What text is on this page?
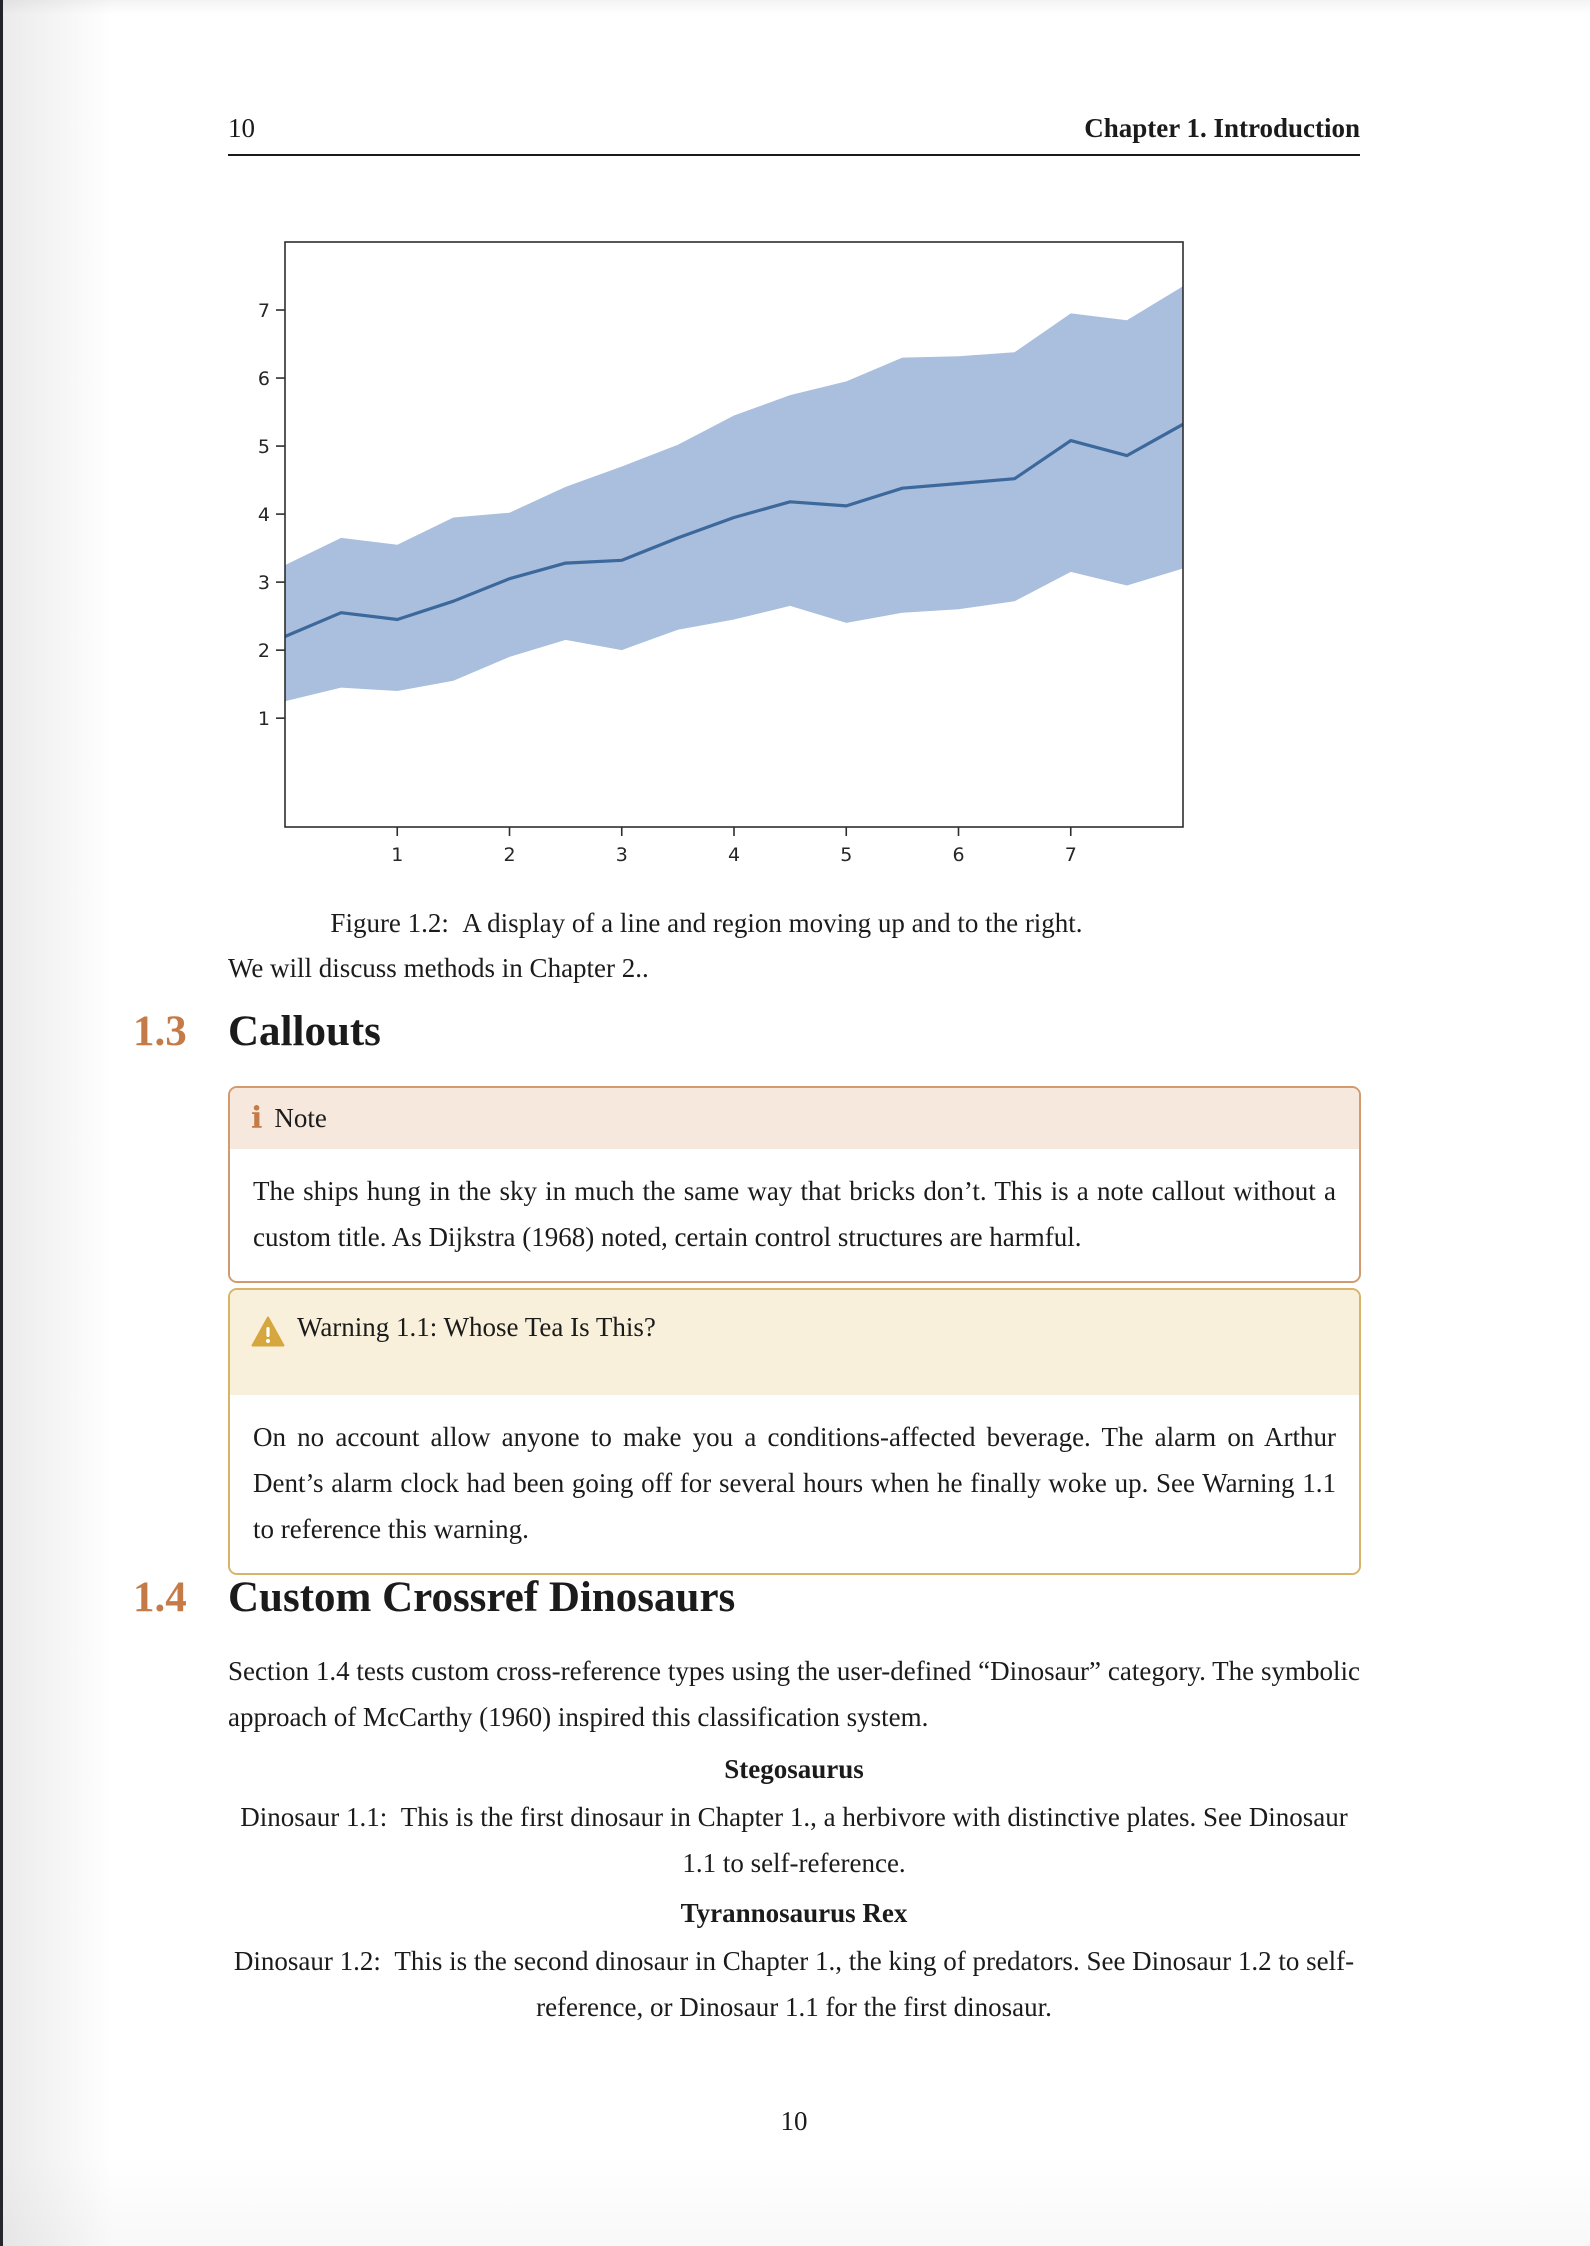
10	Chapter 1. Introduction
1	2	3	4	5	6	7
1
2
3
4
5
6
7
Figure 1.2: A display of a line and region moving up and to the right.
We will discuss methods in Chapter 2..
1.3 Callouts
i Note
The ships hung in the sky in much the same way that bricks don’t. This is a note callout without a custom title. As Dijkstra (1968) noted, certain control structures are harmful.
Warning 1.1: Whose Tea Is This?
On no account allow anyone to make you a conditions-affected beverage. The alarm on Arthur Dent’s alarm clock had been going off for several hours when he finally woke up. See Warning 1.1 to reference this warning.
1.4 Custom Crossref Dinosaurs
Section 1.4 tests custom cross-reference types using the user-defined “Dinosaur” category. The symbolic approach of McCarthy (1960) inspired this classification system.
Stegosaurus
Dinosaur 1.1: This is the first dinosaur in Chapter 1., a herbivore with distinctive plates. See Dinosaur 1.1 to self-reference.
Tyrannosaurus Rex
Dinosaur 1.2: This is the second dinosaur in Chapter 1., the king of predators. See Dinosaur 1.2 to self-reference, or Dinosaur 1.1 for the first dinosaur.
10
